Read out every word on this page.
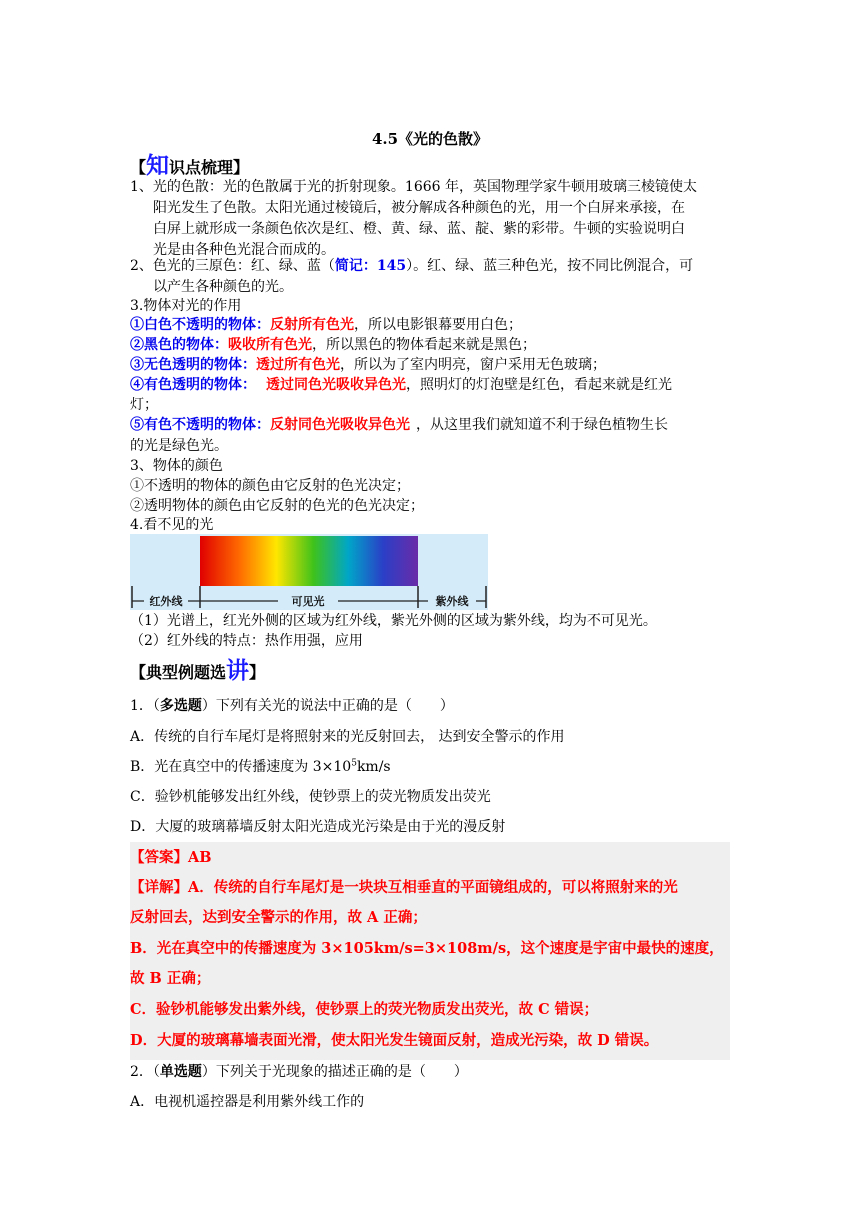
4.5《光的色散》
【知识点梳理】
1、光的色散：光的色散属于光的折射现象。1666 年，英国物理学家牛顿用玻璃三棱镜使太
阳光发生了色散。太阳光通过棱镜后，被分解成各种颜色的光，用一个白屏来承接，在
白屏上就形成一条颜色依次是红、橙、黄、绿、蓝、靛、紫的彩带。牛顿的实验说明白
光是由各种色光混合而成的。
2、色光的三原色：红、绿、蓝（简记：145）。红、绿、蓝三种色光，按不同比例混合，可
以产生各种颜色的光。
3.物体对光的作用
①白色不透明的物体：反射所有色光，所以电影银幕要用白色；
②黑色的物体：吸收所有色光，所以黑色的物体看起来就是黑色；
③无色透明的物体：透过所有色光，所以为了室内明亮，窗户采用无色玻璃；
④有色透明的物体： 透过同色光吸收异色光，照明灯的灯泡壁是红色，看起来就是红光
灯；
⑤有色不透明的物体：反射同色光吸收异色光 ，从这里我们就知道不利于绿色植物生长
的光是绿色光。
3、物体的颜色
①不透明的物体的颜色由它反射的色光决定；
②透明物体的颜色由它反射的色光的色光决定；
4.看不见的光
红外线	可见光	紫外线
（1）光谱上，红光外侧的区域为红外线，紫光外侧的区域为紫外线，均为不可见光。
（2）红外线的特点：热作用强，应用
【典型例题选讲】
1．（多选题）下列有关光的说法中正确的是（　　）
A．传统的自行车尾灯是将照射来的光反射回去， 达到安全警示的作用
B．光在真空中的传播速度为 $3\times 10^5km/s$
C．验钞机能够发出红外线，使钞票上的荧光物质发出荧光
D．大厦的玻璃幕墙反射太阳光造成光污染是由于光的漫反射
【答案】AB
【详解】A．传统的自行车尾灯是一块块互相垂直的平面镜组成的，可以将照射来的光
反射回去，达到安全警示的作用，故 A 正确；
B．光在真空中的传播速度为 3×105km/s=3×108m/s，这个速度是宇宙中最快的速度，
故 B 正确；
C．验钞机能够发出紫外线，使钞票上的荧光物质发出荧光，故 C 错误；
D．大厦的玻璃幕墙表面光滑，使太阳光发生镜面反射，造成光污染，故 D 错误。
2．（单选题）下列关于光现象的描述正确的是（　　）
A．电视机遥控器是利用紫外线工作的
